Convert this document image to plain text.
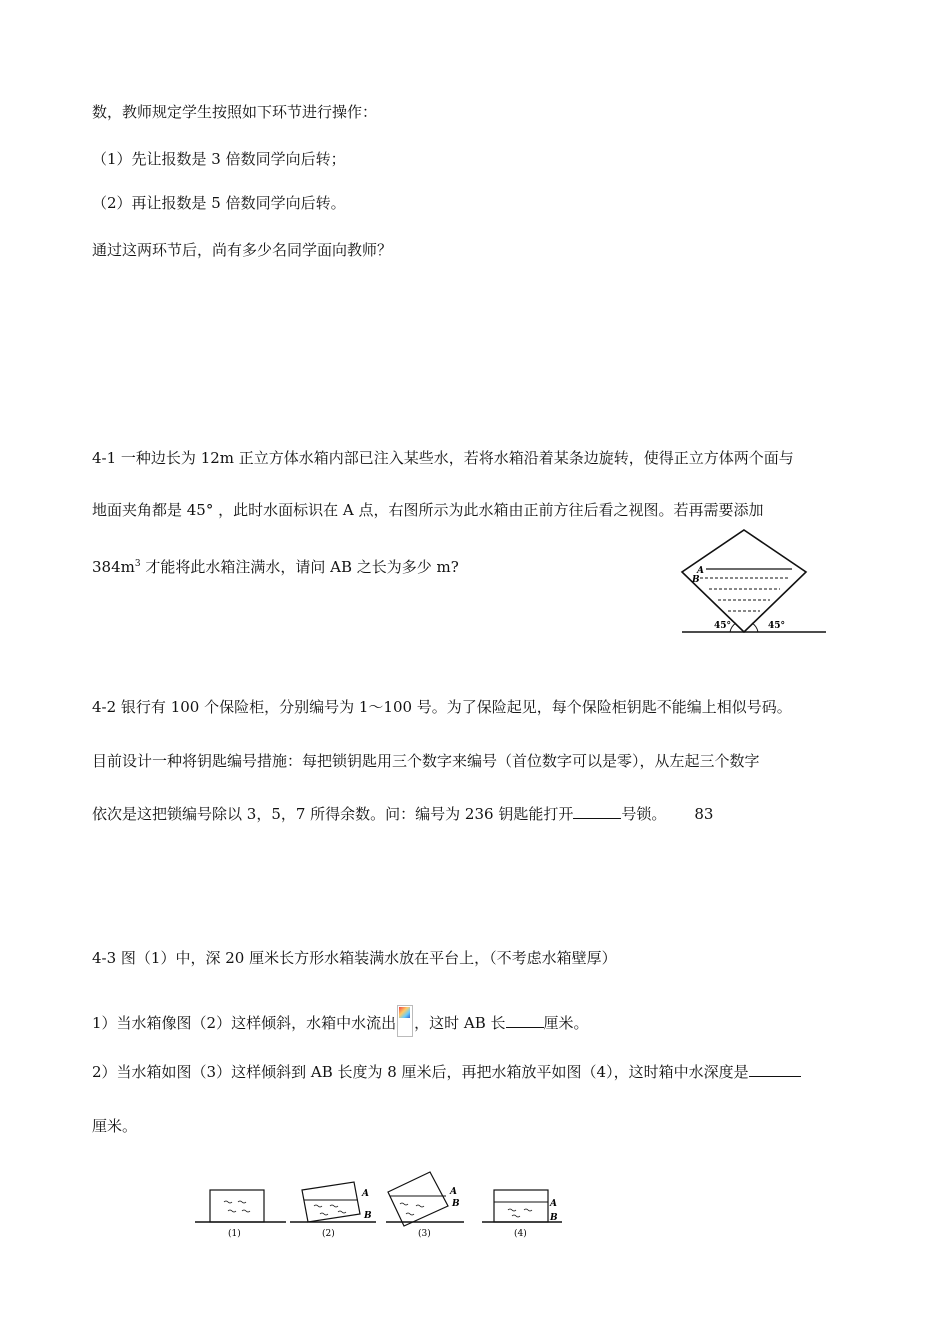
数，教师规定学生按照如下环节进行操作：
（1）先让报数是 3 倍数同学向后转；
（2）再让报数是 5 倍数同学向后转。
通过这两环节后，尚有多少名同学面向教师？
4-1 一种边长为 12m 正立方体水箱内部已注入某些水，若将水箱沿着某条边旋转，使得正立方体两个面与
地面夹角都是 45° ，此时水面标识在 A 点，右图所示为此水箱由正前方往后看之视图。若再需要添加
$384m^3$ 才能将此水箱注满水，请问 AB 之长为多少 m?	A
B
45°	45°
4-2 银行有 100 个保险柜，分别编号为 1～100 号。为了保险起见，每个保险柜钥匙不能编上相似号码。
目前设计一种将钥匙编号措施：每把锁钥匙用三个数字来编号（首位数字可以是零），从左起三个数字
依次是这把锁编号除以 3，5，7 所得余数。问：编号为 236 钥匙能打开	号锁。 83
4-3 图（1）中，深 20 厘米长方形水箱装满水放在平台上，（不考虑水箱壁厚）
1）当水箱像图（2）这样倾斜，水箱中水流出 ，这时 AB 长	厘米。
2）当水箱如图（3）这样倾斜到 AB 长度为 8 厘米后，再把水箱放平如图（4），这时箱中水深度是
厘米。
(1)
A
B
(2)
A
B
(3)
A
B
(4)
